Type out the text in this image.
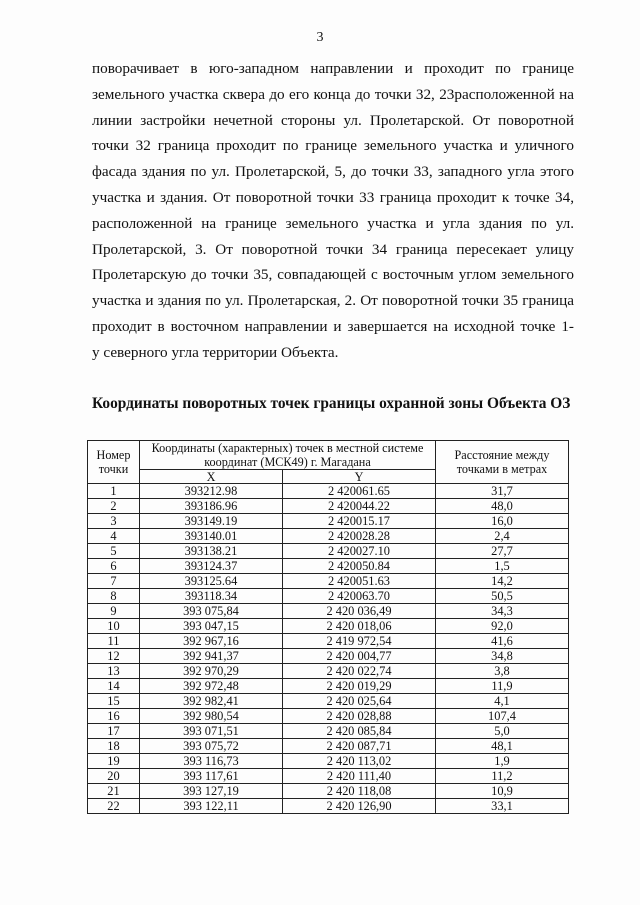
3
поворачивает в юго-западном направлении и проходит по границе
земельного участка сквера до его конца до точки 32, 23расположенной на
линии застройки нечетной стороны ул. Пролетарской. От поворотной
точки 32 граница проходит по границе земельного участка и уличного
фасада здания по ул. Пролетарской, 5, до точки 33, западного угла этого
участка и здания. От поворотной точки 33 граница проходит к точке 34,
расположенной на границе земельного участка и угла здания по ул.
Пролетарской, 3. От поворотной точки 34 граница пересекает улицу
Пролетарскую до точки 35, совпадающей с восточным углом земельного
участка и здания по ул. Пролетарская, 2. От поворотной точки 35 граница
проходит в восточном направлении и завершается на исходной точке 1-
у северного угла территории Объекта.
Координаты поворотных точек границы охранной зоны Объекта ОЗ
Номер точки	Координаты (характерных) точек в местной системе координат (МСК49) г. Магадана		Расстояние между точками в метрах
	X	Y	
1	393212.98	2 420061.65	31,7
2	393186.96	2 420044.22	48,0
3	393149.19	2 420015.17	16,0
4	393140.01	2 420028.28	2,4
5	393138.21	2 420027.10	27,7
6	393124.37	2 420050.84	1,5
7	393125.64	2 420051.63	14,2
8	393118.34	2 420063.70	50,5
9	393 075,84	2 420 036,49	34,3
10	393 047,15	2 420 018,06	92,0
11	392 967,16	2 419 972,54	41,6
12	392 941,37	2 420 004,77	34,8
13	392 970,29	2 420 022,74	3,8
14	392 972,48	2 420 019,29	11,9
15	392 982,41	2 420 025,64	4,1
16	392 980,54	2 420 028,88	107,4
17	393 071,51	2 420 085,84	5,0
18	393 075,72	2 420 087,71	48,1
19	393 116,73	2 420 113,02	1,9
20	393 117,61	2 420 111,40	11,2
21	393 127,19	2 420 118,08	10,9
22	393 122,11	2 420 126,90	33,1
